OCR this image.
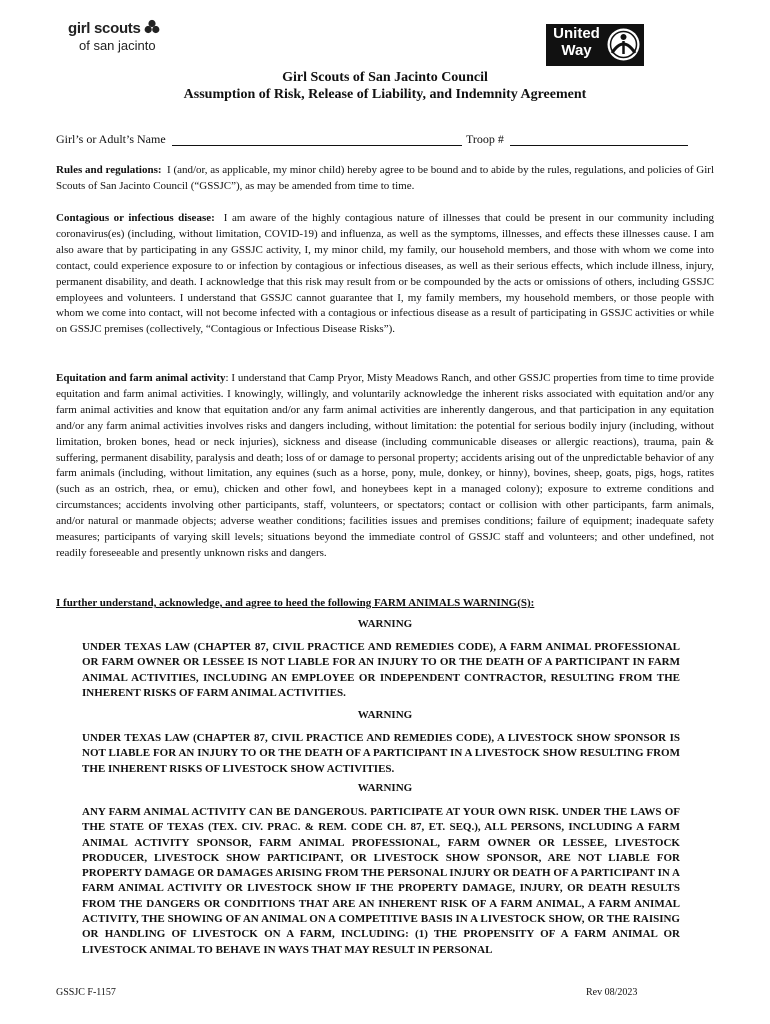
girl scouts
of san jacinto
United
Way
Girl Scouts of San Jacinto Council
Assumption of Risk, Release of Liability, and Indemnity Agreement
Girl’s or Adult’s Name	Troop #

Rules and regulations: I (and/or, as applicable, my minor child) hereby agree to be bound and to abide by the rules, regulations, and policies of Girl Scouts of San Jacinto Council (“GSSJC”), as may be amended from time to time.

Contagious or infectious disease: I am aware of the highly contagious nature of illnesses that could be present in our community including coronavirus(es) (including, without limitation, COVID-19) and influenza, as well as the symptoms, illnesses, and effects these illnesses cause. I am also aware that by participating in any GSSJC activity, I, my minor child, my family, our household members, and those with whom we come into contact, could experience exposure to or infection by contagious or infectious diseases, as well as their serious effects, which include illness, injury, permanent disability, and death. I acknowledge that this risk may result from or be compounded by the acts or omissions of others, including GSSJC employees and volunteers. I understand that GSSJC cannot guarantee that I, my family members, my household members, or those people with whom we come into contact, will not become infected with a contagious or infectious disease as a result of participating in GSSJC activities or while on GSSJC premises (collectively, “Contagious or Infectious Disease Risks”).

Equitation and farm animal activity: I understand that Camp Pryor, Misty Meadows Ranch, and other GSSJC properties from time to time provide equitation and farm animal activities. I knowingly, willingly, and voluntarily acknowledge the inherent risks associated with equitation and/or any farm animal activities and know that equitation and/or any farm animal activities are inherently dangerous, and that participation in any equitation and/or any farm animal activities involves risks and dangers including, without limitation: the potential for serious bodily injury (including, without limitation, broken bones, head or neck injuries), sickness and disease (including communicable diseases or allergic reactions), trauma, pain & suffering, permanent disability, paralysis and death; loss of or damage to personal property; accidents arising out of the unpredictable behavior of any farm animals (including, without limitation, any equines (such as a horse, pony, mule, donkey, or hinny), bovines, sheep, goats, pigs, hogs, ratites (such as an ostrich, rhea, or emu), chicken and other fowl, and honeybees kept in a managed colony); exposure to extreme conditions and circumstances; accidents involving other participants, staff, volunteers, or spectators; contact or collision with other participants, farm animals, and/or natural or manmade objects; adverse weather conditions; facilities issues and premises conditions; failure of equipment; inadequate safety measures; participants of varying skill levels; situations beyond the immediate control of GSSJC staff and volunteers; and other undefined, not readily foreseeable and presently unknown risks and dangers.

I further understand, acknowledge, and agree to heed the following FARM ANIMALS WARNING(S):
WARNING

UNDER TEXAS LAW (CHAPTER 87, CIVIL PRACTICE AND REMEDIES CODE), A FARM ANIMAL PROFESSIONAL OR FARM OWNER OR LESSEE IS NOT LIABLE FOR AN INJURY TO OR THE DEATH OF A PARTICIPANT IN FARM ANIMAL ACTIVITIES, INCLUDING AN EMPLOYEE OR INDEPENDENT CONTRACTOR, RESULTING FROM THE INHERENT RISKS OF FARM ANIMAL ACTIVITIES.

WARNING

UNDER TEXAS LAW (CHAPTER 87, CIVIL PRACTICE AND REMEDIES CODE), A LIVESTOCK SHOW SPONSOR IS NOT LIABLE FOR AN INJURY TO OR THE DEATH OF A PARTICIPANT IN A LIVESTOCK SHOW RESULTING FROM THE INHERENT RISKS OF LIVESTOCK SHOW ACTIVITIES.

WARNING

ANY FARM ANIMAL ACTIVITY CAN BE DANGEROUS. PARTICIPATE AT YOUR OWN RISK. UNDER THE LAWS OF THE STATE OF TEXAS (TEX. CIV. PRAC. & REM. CODE CH. 87, ET. SEQ.), ALL PERSONS, INCLUDING A FARM ANIMAL ACTIVITY SPONSOR, FARM ANIMAL PROFESSIONAL, FARM OWNER OR LESSEE, LIVESTOCK PRODUCER, LIVESTOCK SHOW PARTICIPANT, OR LIVESTOCK SHOW SPONSOR, ARE NOT LIABLE FOR PROPERTY DAMAGE OR DAMAGES ARISING FROM THE PERSONAL INJURY OR DEATH OF A PARTICIPANT IN A FARM ANIMAL ACTIVITY OR LIVESTOCK SHOW IF THE PROPERTY DAMAGE, INJURY, OR DEATH RESULTS FROM THE DANGERS OR CONDITIONS THAT ARE AN INHERENT RISK OF A FARM ANIMAL, A FARM ANIMAL ACTIVITY, THE SHOWING OF AN ANIMAL ON A COMPETITIVE BASIS IN A LIVESTOCK SHOW, OR THE RAISING OR HANDLING OF LIVESTOCK ON A FARM, INCLUDING: (1) THE PROPENSITY OF A FARM ANIMAL OR LIVESTOCK ANIMAL TO BEHAVE IN WAYS THAT MAY RESULT IN PERSONAL

GSSJC F-1157	Rev 08/2023
